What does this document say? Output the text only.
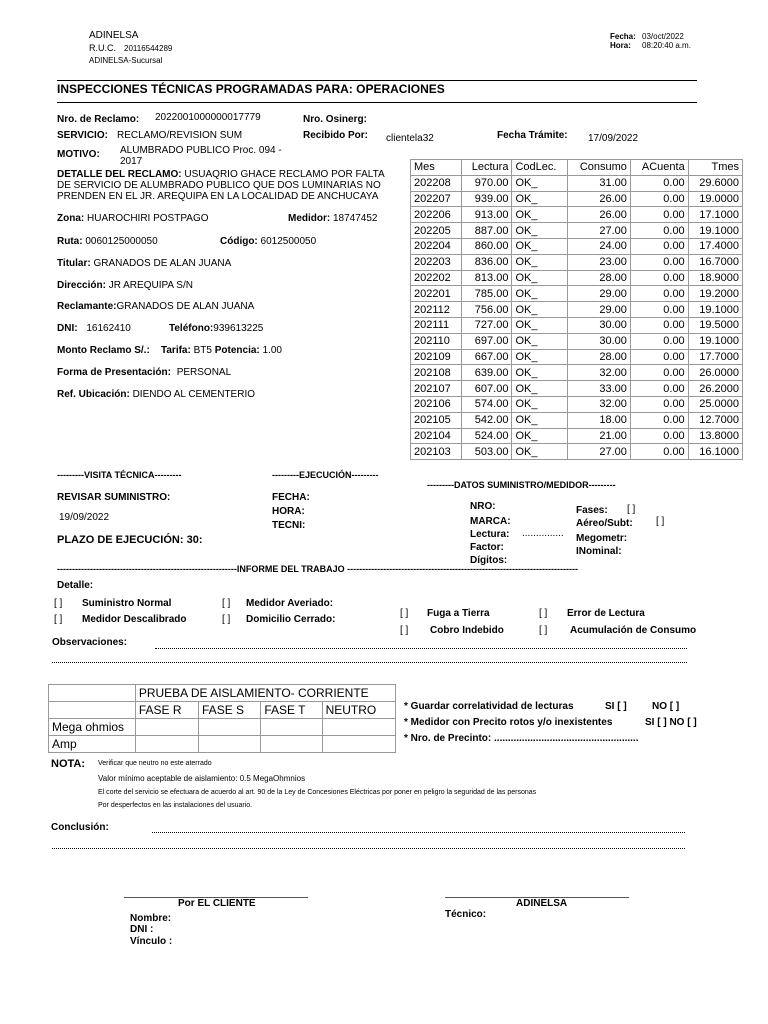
ADINELSA
R.U.C. 20116544289
ADINELSA-Sucursal
Fecha: 03/oct/2022
Hora: 08:20:40 a.m.
INSPECCIONES TÉCNICAS PROGRAMADAS PARA: OPERACIONES
Nro. de Reclamo: 2022001000000017779	Nro. Osinerg:
SERVICIO: RECLAMO/REVISION SUM	Recibido Por: clientela32	Fecha Trámite: 17/09/2022
MOTIVO: ALUMBRADO PUBLICO Proc. 094 - 2017
DETALLE DEL RECLAMO: USUAQRIO GHACE RECLAMO POR FALTA DE SERVICIO DE ALUMBRADO PUBLICO QUE DOS LUMINARIAS NO PRENDEN EN EL JR. AREQUIPA EN LA LOCALIDAD DE ANCHUCAYA
Zona: HUAROCHIRI POSTPAGO	Medidor: 18747452
Ruta: 0060125000050	Código: 6012500050
Titular: GRANADOS DE ALAN JUANA
Dirección: JR AREQUIPA S/N
Reclamante:GRANADOS DE ALAN JUANA
DNI: 16162410	Teléfono:939613225
Monto Reclamo S/.: Tarifa: BT5 Potencia: 1.00
Forma de Presentación: PERSONAL
Ref. Ubicación: DIENDO AL CEMENTERIO
Mes	Lectura	CodLec.	Consumo	ACuenta	Tmes
202208	970.00	OK_	31.00	0.00	29.6000
202207	939.00	OK_	26.00	0.00	19.0000
202206	913.00	OK_	26.00	0.00	17.1000
202205	887.00	OK_	27.00	0.00	19.1000
202204	860.00	OK_	24.00	0.00	17.4000
202203	836.00	OK_	23.00	0.00	16.7000
202202	813.00	OK_	28.00	0.00	18.9000
202201	785.00	OK_	29.00	0.00	19.2000
202112	756.00	OK_	29.00	0.00	19.1000
202111	727.00	OK_	30.00	0.00	19.5000
202110	697.00	OK_	30.00	0.00	19.1000
202109	667.00	OK_	28.00	0.00	17.7000
202108	639.00	OK_	32.00	0.00	26.0000
202107	607.00	OK_	33.00	0.00	26.2000
202106	574.00	OK_	32.00	0.00	25.0000
202105	542.00	OK_	18.00	0.00	12.7000
202104	524.00	OK_	21.00	0.00	13.8000
202103	503.00	OK_	27.00	0.00	16.1000
---------VISITA TÉCNICA---------	---------EJECUCIÓN---------
---------DATOS SUMINISTRO/MEDIDOR---------
REVISAR SUMINISTRO:
19/09/2022
PLAZO DE EJECUCIÓN: 30:
FECHA:
HORA:
TECNI:
NRO:
MARCA:
Lectura: ...............
Factor:
Dígitos:
Fases: [ ]
Aéreo/Subt: [ ]
Megometr:
INominal:
------------------------------------------------------------INFORME DEL TRABAJO -----------------------------------------------------------------------------
Detalle:
[ ] Suministro Normal	[ ] Medidor Averiado:
[ ] Medidor Descalibrado	[ ] Domicilio Cerrado:
[ ] Fuga a Tierra	[ ] Error de Lectura
[ ] Cobro Indebido	[ ] Acumulación de Consumo
Observaciones:
	PRUEBA DE AISLAMIENTO- CORRIENTE			
	FASE R	FASE S	FASE T	NEUTRO
Mega ohmios				
Amp				
* Guardar correlatividad de lecturas	SI [ ]	NO [ ]
* Medidor con Precito rotos y/o inexistentes	SI [ ] NO [ ]
* Nro. de Precinto: ....................................................
NOTA: Verificar que neutro no este aterrado
Valor mínimo aceptable de aislamiento: 0.5 MegaOhmnios
El corte del servicio se efectuara de acuerdo al art. 90 de la Ley de Concesiones Eléctricas por poner en peligro la seguridad de las personas
Por desperfectos en las instalaciones del usuario.
Conclusión:
Por EL CLIENTE
Nombre:
DNI :
Vínculo :
ADINELSA
Técnico:
